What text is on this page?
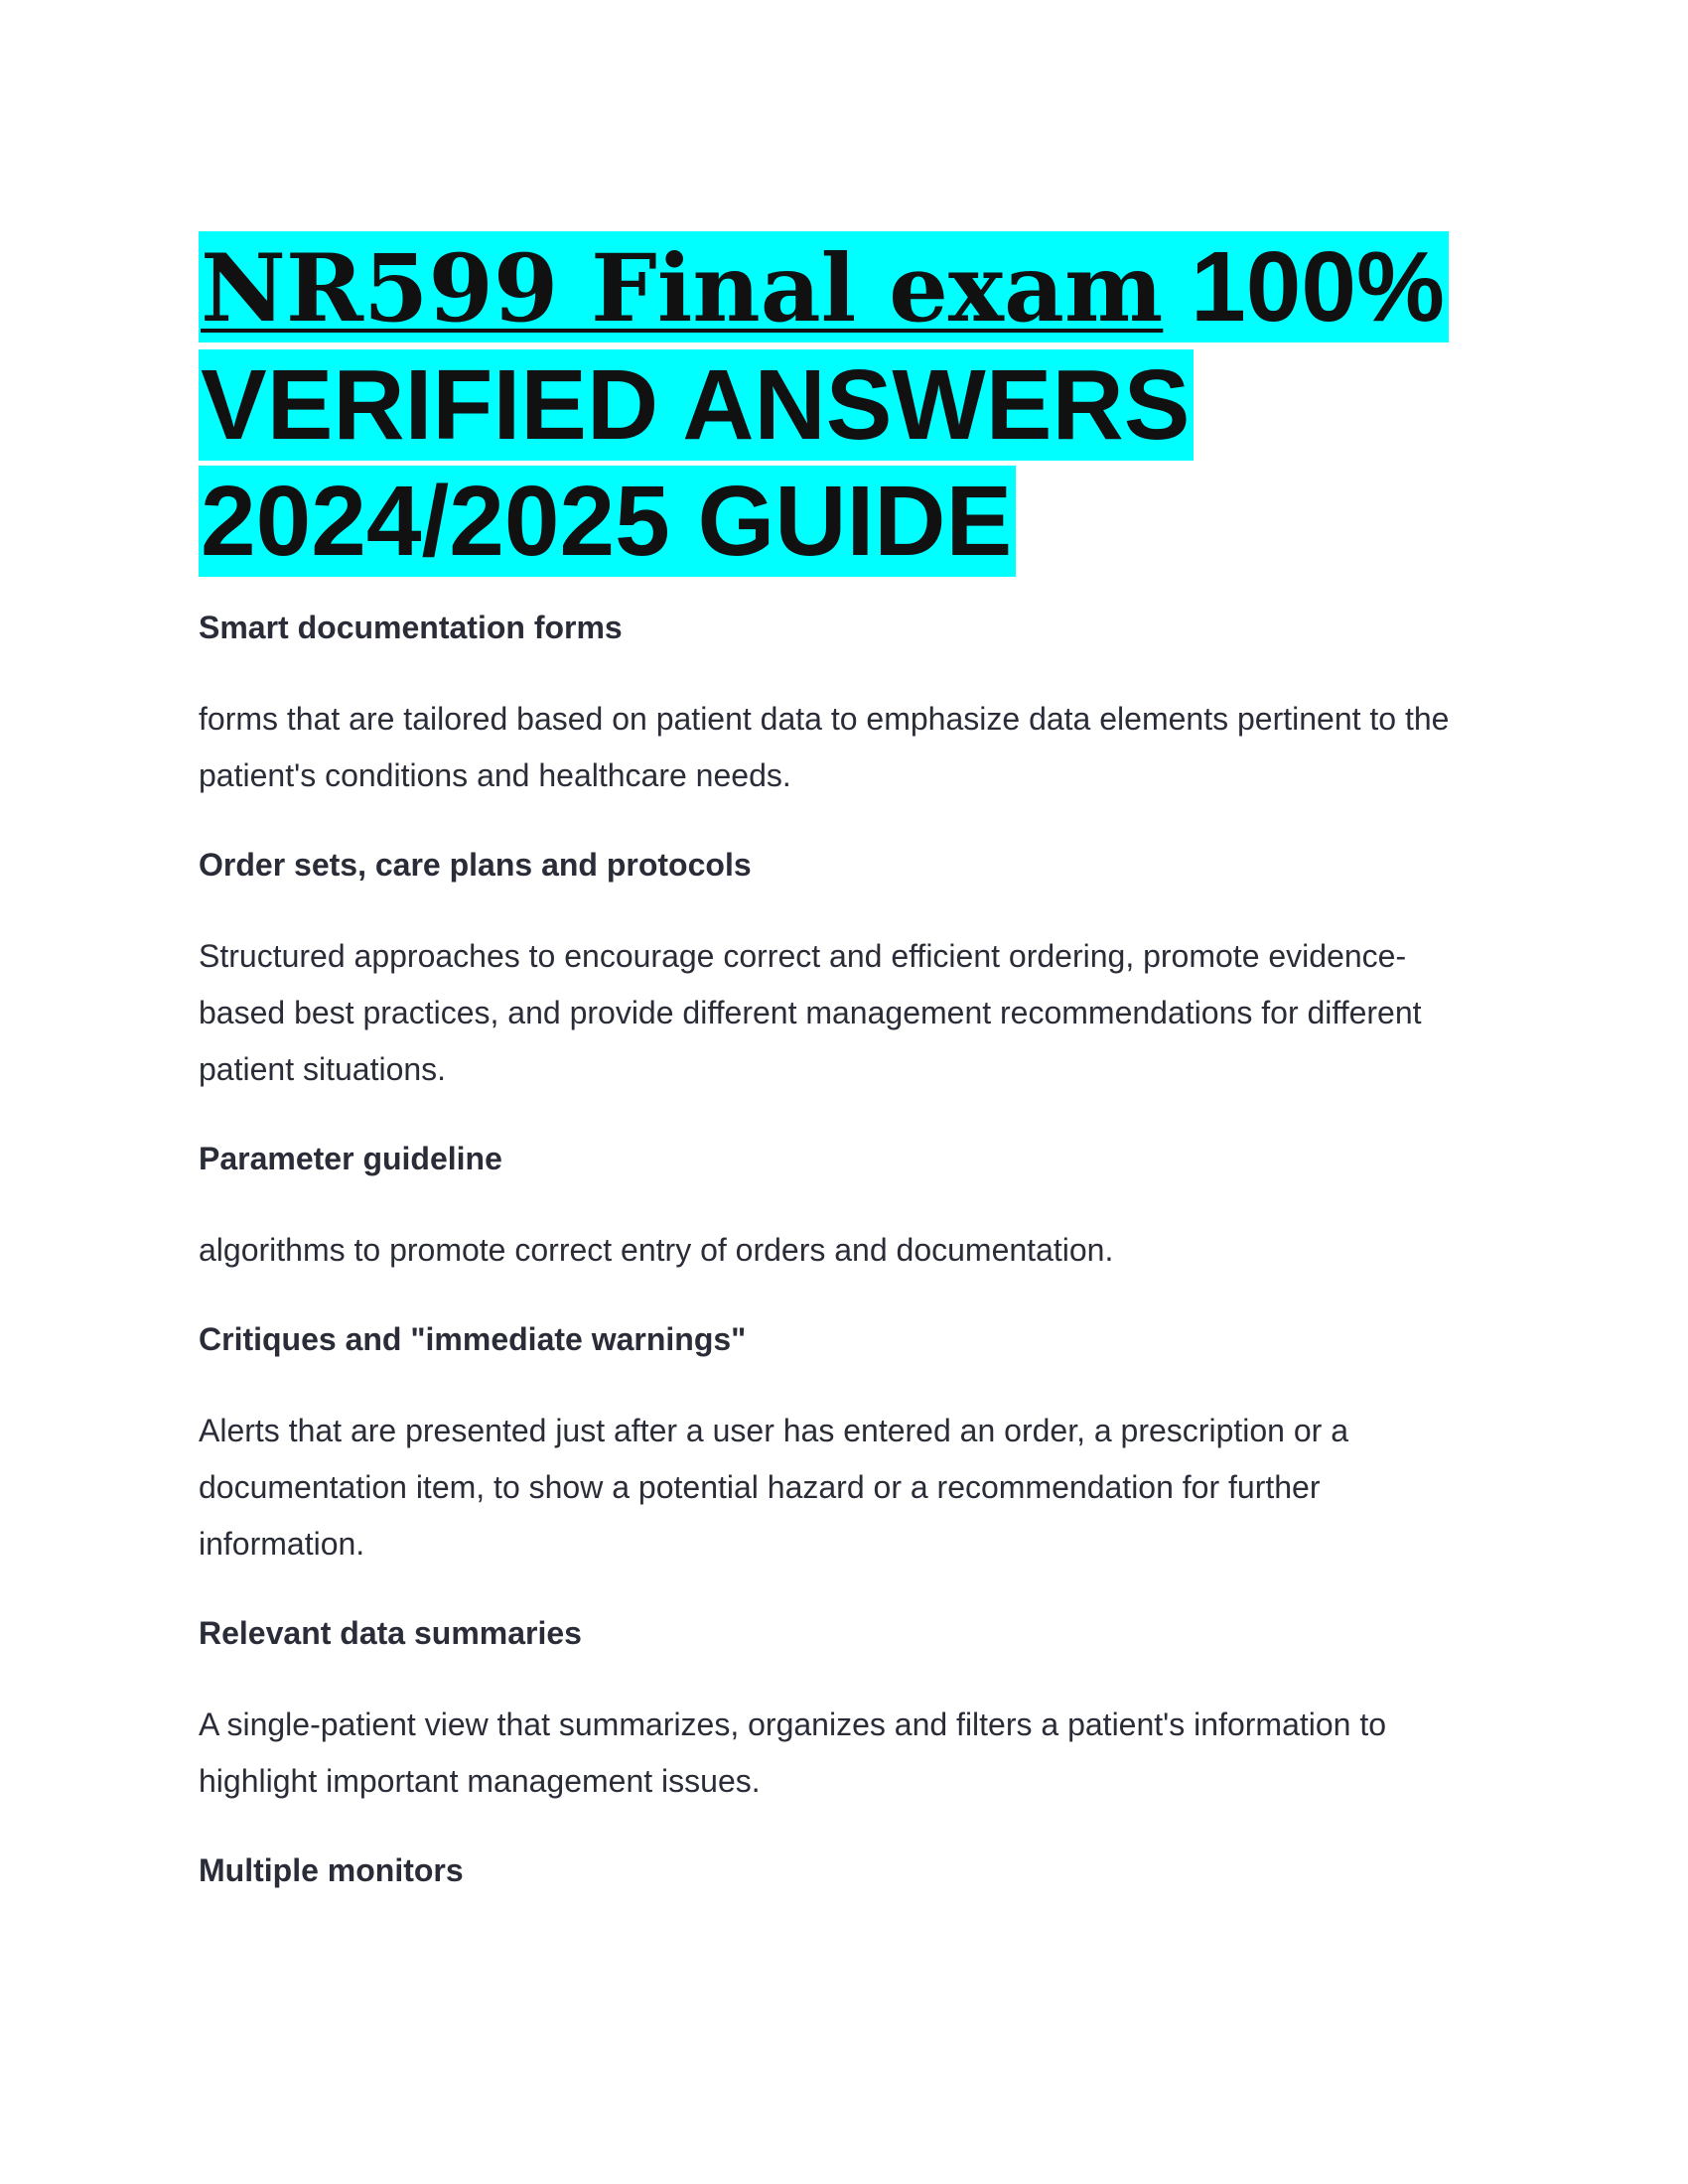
NR599 Final exam 100% VERIFIED ANSWERS 2024/2025 GUIDE

Smart documentation forms

forms that are tailored based on patient data to emphasize data elements pertinent to the patient's conditions and healthcare needs.

Order sets, care plans and protocols

Structured approaches to encourage correct and efficient ordering, promote evidence-based best practices, and provide different management recommendations for different patient situations.

Parameter guideline

algorithms to promote correct entry of orders and documentation.

Critiques and "immediate warnings"

Alerts that are presented just after a user has entered an order, a prescription or a documentation item, to show a potential hazard or a recommendation for further information.

Relevant data summaries

A single-patient view that summarizes, organizes and filters a patient's information to highlight important management issues.

Multiple monitors
